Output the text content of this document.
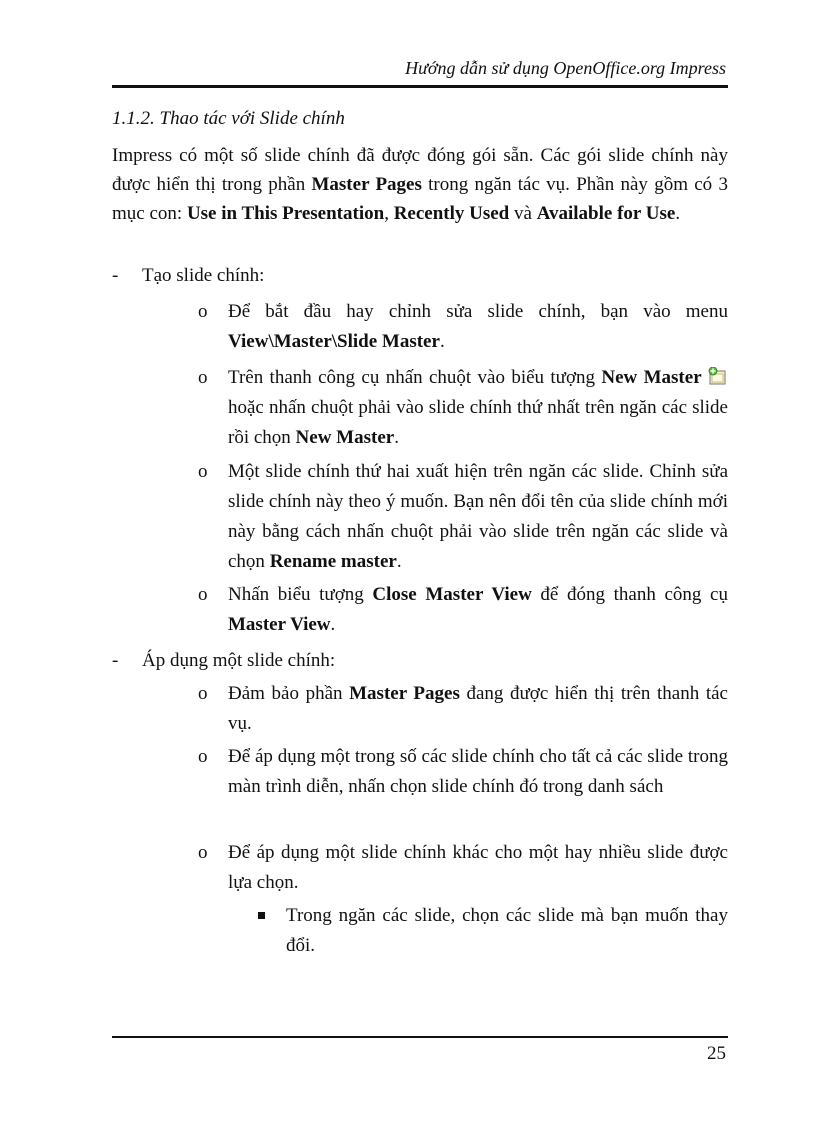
Hướng dẫn sử dụng OpenOffice.org Impress
1.1.2. Thao tác với Slide chính
Impress có một số slide chính đã được đóng gói sẵn. Các gói slide chính này được hiển thị trong phần Master Pages trong ngăn tác vụ. Phần này gồm có 3 mục con: Use in This Presentation, Recently Used và Available for Use.
- Tạo slide chính:
o Để bắt đầu hay chỉnh sửa slide chính, bạn vào menu View\Master\Slide Master.
o Trên thanh công cụ nhấn chuột vào biểu tượng New Master  hoặc nhấn chuột phải vào slide chính thứ nhất trên ngăn các slide rồi chọn New Master.
o Một slide chính thứ hai xuất hiện trên ngăn các slide. Chỉnh sửa slide chính này theo ý muốn. Bạn nên đổi tên của slide chính mới này bằng cách nhấn chuột phải vào slide trên ngăn các slide và chọn Rename master.
o Nhấn biểu tượng Close Master View để đóng thanh công cụ Master View.
- Áp dụng một slide chính:
o Đảm bảo phần Master Pages đang được hiển thị trên thanh tác vụ.
o Để áp dụng một trong số các slide chính cho tất cả các slide trong màn trình diễn, nhấn chọn slide chính đó trong danh sách
o Để áp dụng một slide chính khác cho một hay nhiều slide được lựa chọn.
Trong ngăn các slide, chọn các slide mà bạn muốn thay đổi.
25
